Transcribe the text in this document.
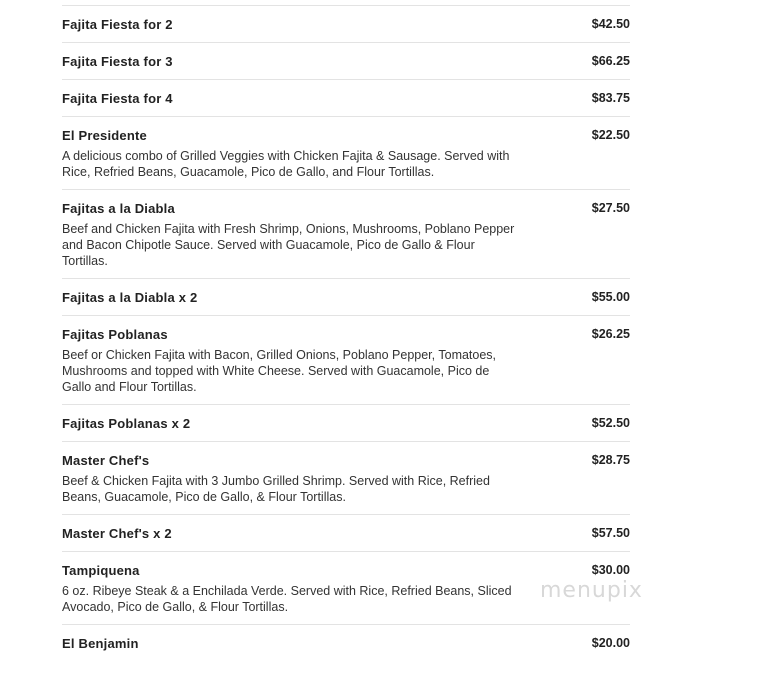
Fajita Fiesta for 2	$42.50
Fajita Fiesta for 3	$66.25
Fajita Fiesta for 4	$83.75
El Presidente	$22.50
A delicious combo of Grilled Veggies with Chicken Fajita & Sausage. Served with Rice, Refried Beans, Guacamole, Pico de Gallo, and Flour Tortillas.
Fajitas a la Diabla	$27.50
Beef and Chicken Fajita with Fresh Shrimp, Onions, Mushrooms, Poblano Pepper and Bacon Chipotle Sauce. Served with Guacamole, Pico de Gallo & Flour Tortillas.
Fajitas a la Diabla x 2	$55.00
Fajitas Poblanas	$26.25
Beef or Chicken Fajita with Bacon, Grilled Onions, Poblano Pepper, Tomatoes, Mushrooms and topped with White Cheese. Served with Guacamole, Pico de Gallo and Flour Tortillas.
Fajitas Poblanas x 2	$52.50
Master Chef's	$28.75
Beef & Chicken Fajita with 3 Jumbo Grilled Shrimp. Served with Rice, Refried Beans, Guacamole, Pico de Gallo, & Flour Tortillas.
Master Chef's x 2	$57.50
Tampiquena	$30.00
6 oz. Ribeye Steak & a Enchilada Verde. Served with Rice, Refried Beans, Sliced Avocado, Pico de Gallo, & Flour Tortillas.
El Benjamin	$20.00
menupix
